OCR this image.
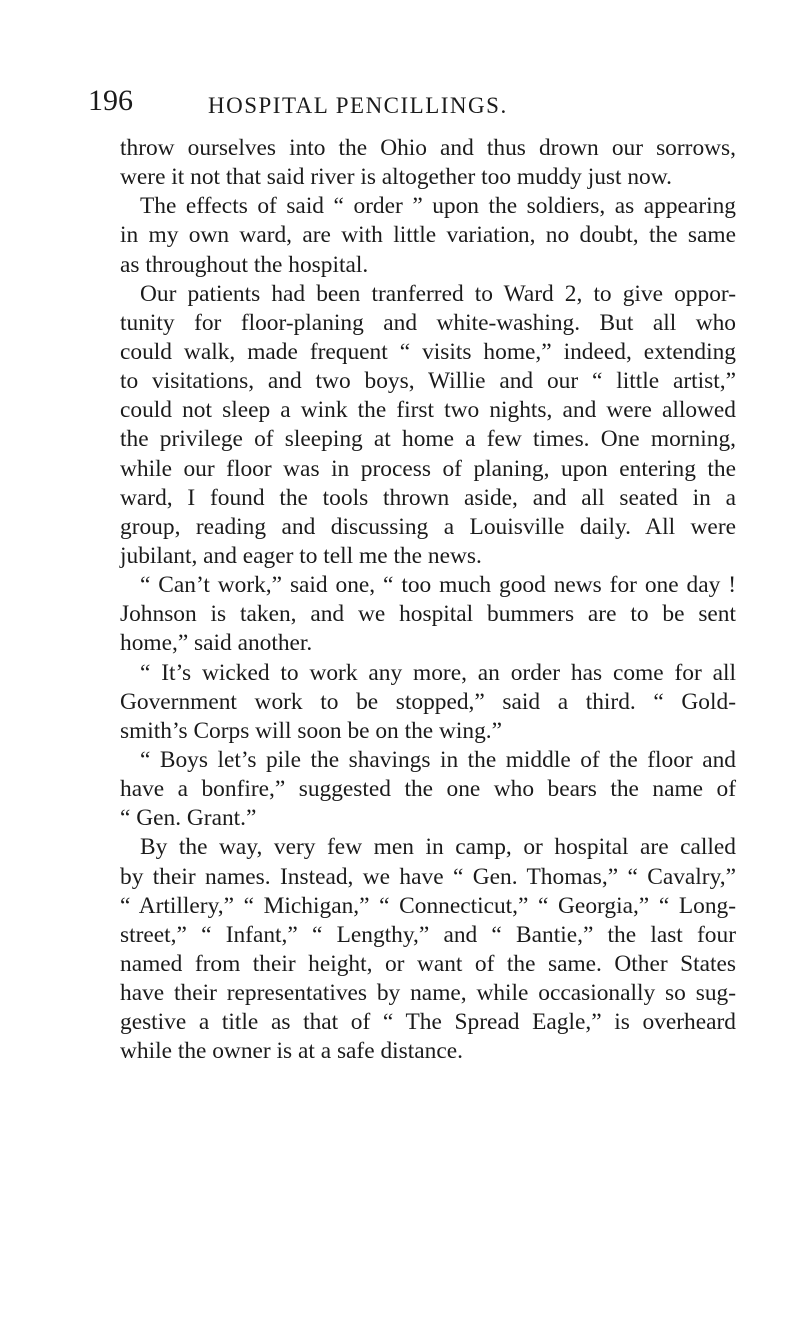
196	HOSPITAL PENCILLINGS.
throw ourselves into the Ohio and thus drown our sorrows,
were it not that said river is altogether too muddy just now.
The effects of said “ order ” upon the soldiers, as appearing
in my own ward, are with little variation, no doubt, the same
as throughout the hospital.
Our patients had been tranferred to Ward 2, to give oppor-
tunity for floor-planing and white-washing. But all who
could walk, made frequent “ visits home,” indeed, extending
to visitations, and two boys, Willie and our “ little artist,”
could not sleep a wink the first two nights, and were allowed
the privilege of sleeping at home a few times. One morning,
while our floor was in process of planing, upon entering the
ward, I found the tools thrown aside, and all seated in a
group, reading and discussing a Louisville daily. All were
jubilant, and eager to tell me the news.
“ Can’t work,” said one, “ too much good news for one day !
Johnson is taken, and we hospital bummers are to be sent
home,” said another.
“ It’s wicked to work any more, an order has come for all
Government work to be stopped,” said a third. “ Gold-
smith’s Corps will soon be on the wing.”
“ Boys let’s pile the shavings in the middle of the floor and
have a bonfire,” suggested the one who bears the name of
“ Gen. Grant.”
By the way, very few men in camp, or hospital are called
by their names. Instead, we have “ Gen. Thomas,” “ Cavalry,”
“ Artillery,” “ Michigan,” “ Connecticut,” “ Georgia,” “ Long-
street,” “ Infant,” “ Lengthy,” and “ Bantie,” the last four
named from their height, or want of the same. Other States
have their representatives by name, while occasionally so sug-
gestive a title as that of “ The Spread Eagle,” is overheard
while the owner is at a safe distance.
